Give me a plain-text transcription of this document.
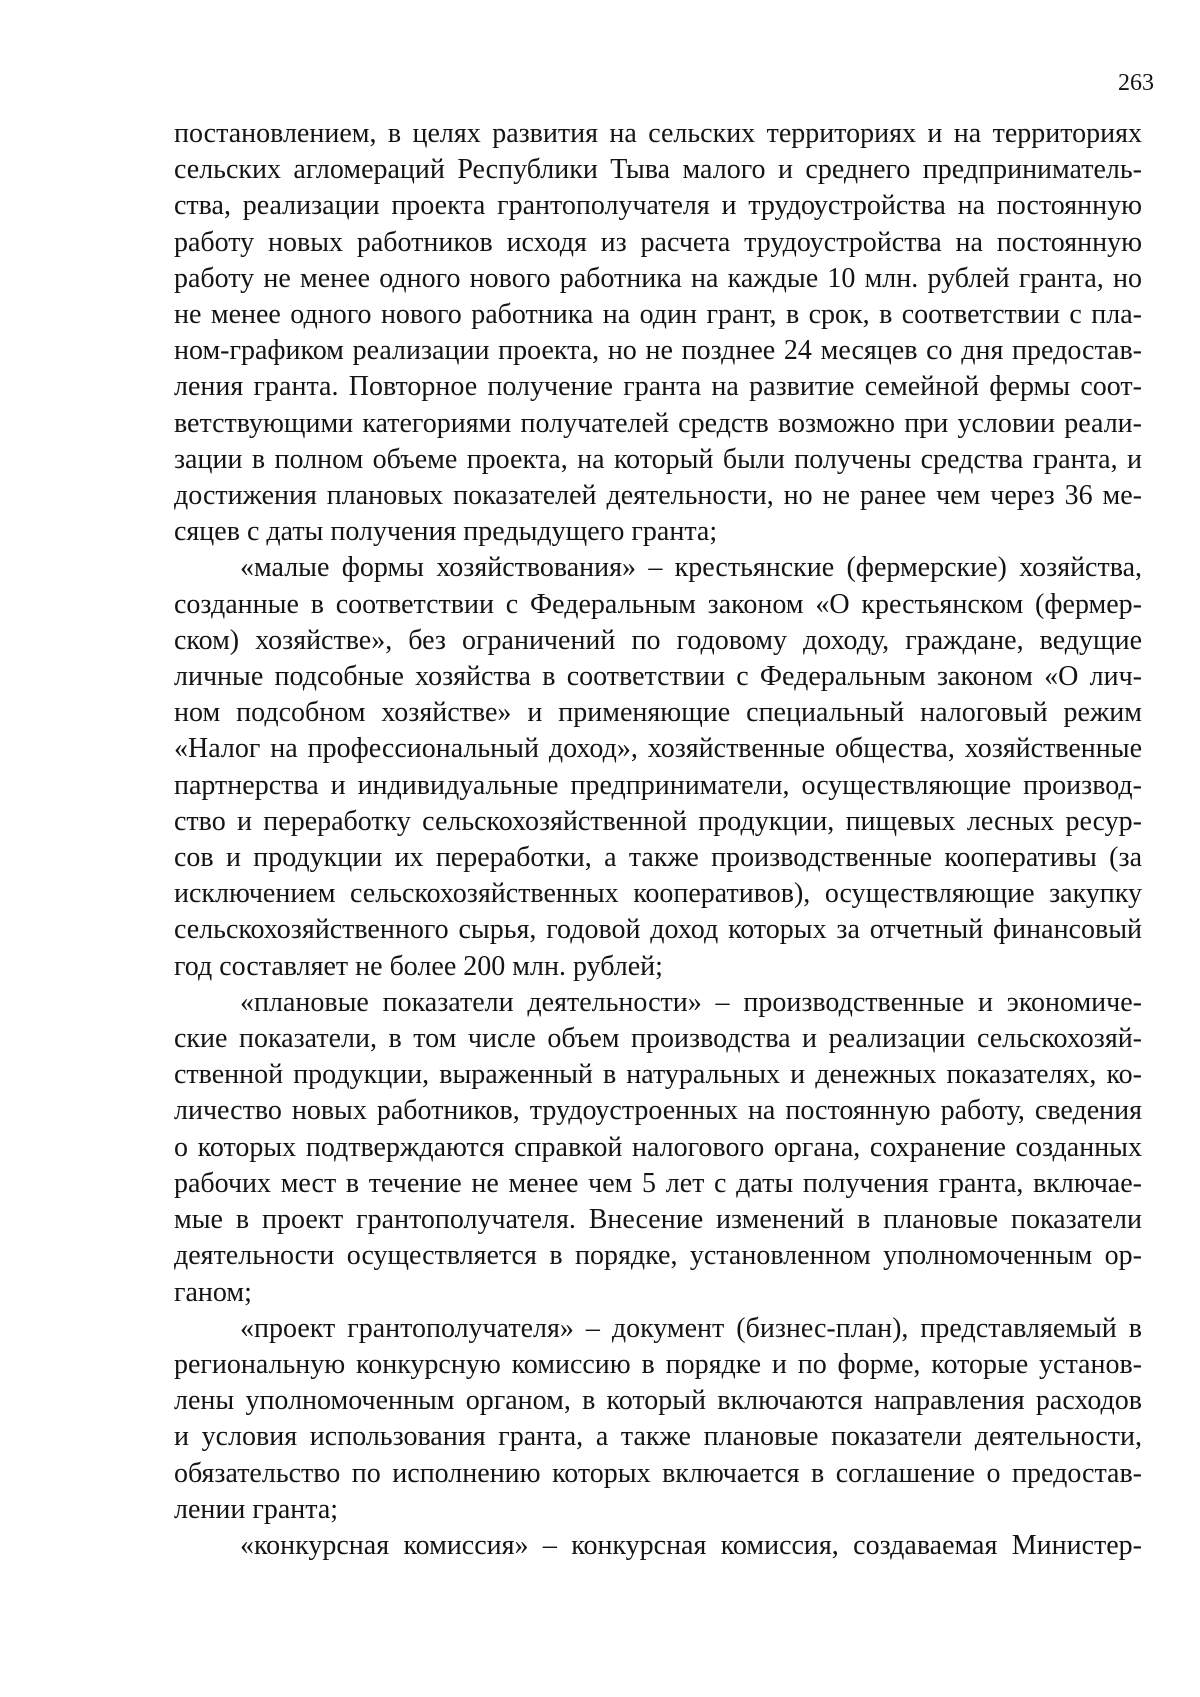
263
постановлением, в целях развития на сельских территориях и на территориях
сельских агломераций Республики Тыва малого и среднего предприниматель-
ства, реализации проекта грантополучателя и трудоустройства на постоянную
работу новых работников исходя из расчета трудоустройства на постоянную
работу не менее одного нового работника на каждые 10 млн. рублей гранта, но
не менее одного нового работника на один грант, в срок, в соответствии с пла-
ном-графиком реализации проекта, но не позднее 24 месяцев со дня предостав-
ления гранта. Повторное получение гранта на развитие семейной фермы соот-
ветствующими категориями получателей средств возможно при условии реали-
зации в полном объеме проекта, на который были получены средства гранта, и
достижения плановых показателей деятельности, но не ранее чем через 36 ме-
сяцев с даты получения предыдущего гранта;
«малые формы хозяйствования» – крестьянские (фермерские) хозяйства,
созданные в соответствии с Федеральным законом «О крестьянском (фермер-
ском) хозяйстве», без ограничений по годовому доходу, граждане, ведущие
личные подсобные хозяйства в соответствии с Федеральным законом «О лич-
ном подсобном хозяйстве» и применяющие специальный налоговый режим
«Налог на профессиональный доход», хозяйственные общества, хозяйственные
партнерства и индивидуальные предприниматели, осуществляющие производ-
ство и переработку сельскохозяйственной продукции, пищевых лесных ресур-
сов и продукции их переработки, а также производственные кооперативы (за
исключением сельскохозяйственных кооперативов), осуществляющие закупку
сельскохозяйственного сырья, годовой доход которых за отчетный финансовый
год составляет не более 200 млн. рублей;
«плановые показатели деятельности» – производственные и экономиче-
ские показатели, в том числе объем производства и реализации сельскохозяй-
ственной продукции, выраженный в натуральных и денежных показателях, ко-
личество новых работников, трудоустроенных на постоянную работу, сведения
о которых подтверждаются справкой налогового органа, сохранение созданных
рабочих мест в течение не менее чем 5 лет с даты получения гранта, включае-
мые в проект грантополучателя. Внесение изменений в плановые показатели
деятельности осуществляется в порядке, установленном уполномоченным ор-
ганом;
«проект грантополучателя» – документ (бизнес-план), представляемый в
региональную конкурсную комиссию в порядке и по форме, которые установ-
лены уполномоченным органом, в который включаются направления расходов
и условия использования гранта, а также плановые показатели деятельности,
обязательство по исполнению которых включается в соглашение о предостав-
лении гранта;
«конкурсная комиссия» – конкурсная комиссия, создаваемая Министер-
